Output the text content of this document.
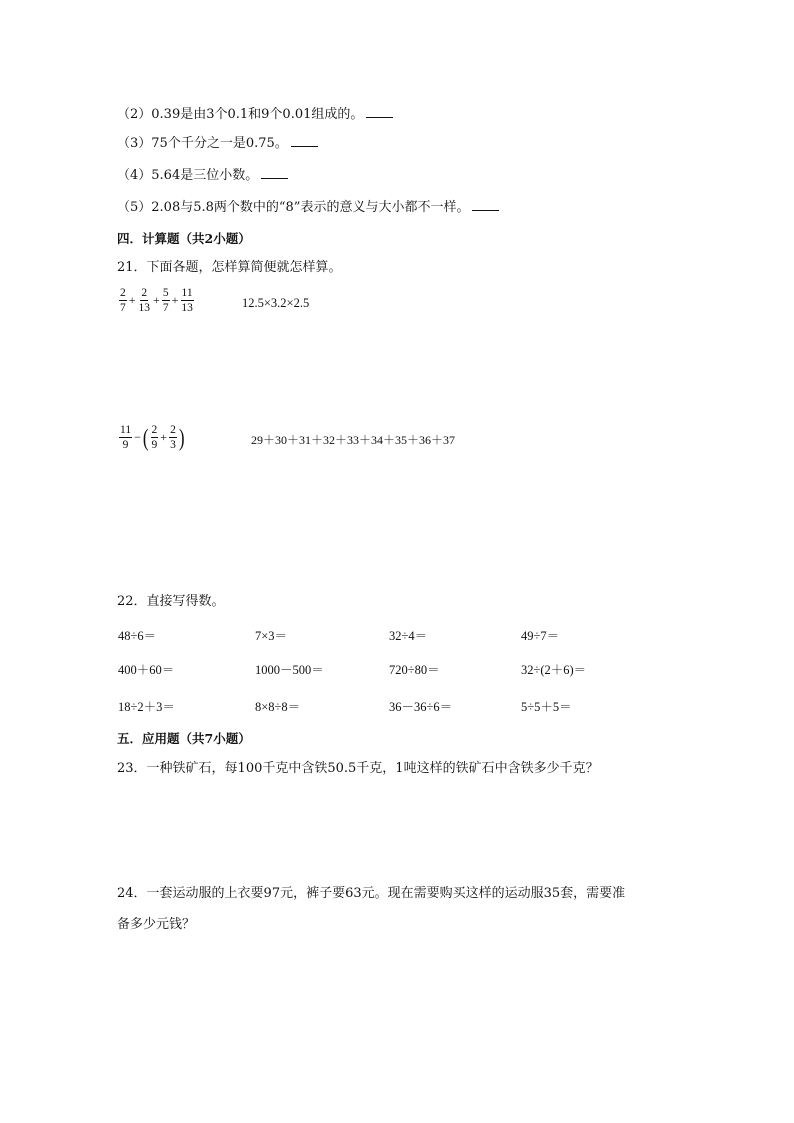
（2）0.39是由3个0.1和9个0.01组成的。
（3）75个千分之一是0.75。
（4）5.64是三位小数。
（5）2.08与5.8两个数中的“8”表示的意义与大小都不一样。
四．计算题（共2小题）
21．下面各题，怎样算简便就怎样算。
$\frac{2}{7} + \frac{2}{13} + \frac{5}{7} + \frac{11}{13}$	12.5×3.2×2.5
$\frac{11}{9}$ − ( $\frac{2}{9} + \frac{2}{3}$ )	29＋30＋31＋32＋33＋34＋35＋36＋37
22．直接写得数。
48÷6＝	7×3＝	32÷4＝	49÷7＝
400＋60＝	1000－500＝	720÷80＝	32÷(2＋6)＝
18÷2＋3＝	8×8÷8＝	36－36÷6＝	5÷5＋5＝
五．应用题（共7小题）
23．一种铁矿石，每100千克中含铁50.5千克，1吨这样的铁矿石中含铁多少千克？
24．一套运动服的上衣要97元，裤子要63元。现在需要购买这样的运动服35套，需要准
备多少元钱？
